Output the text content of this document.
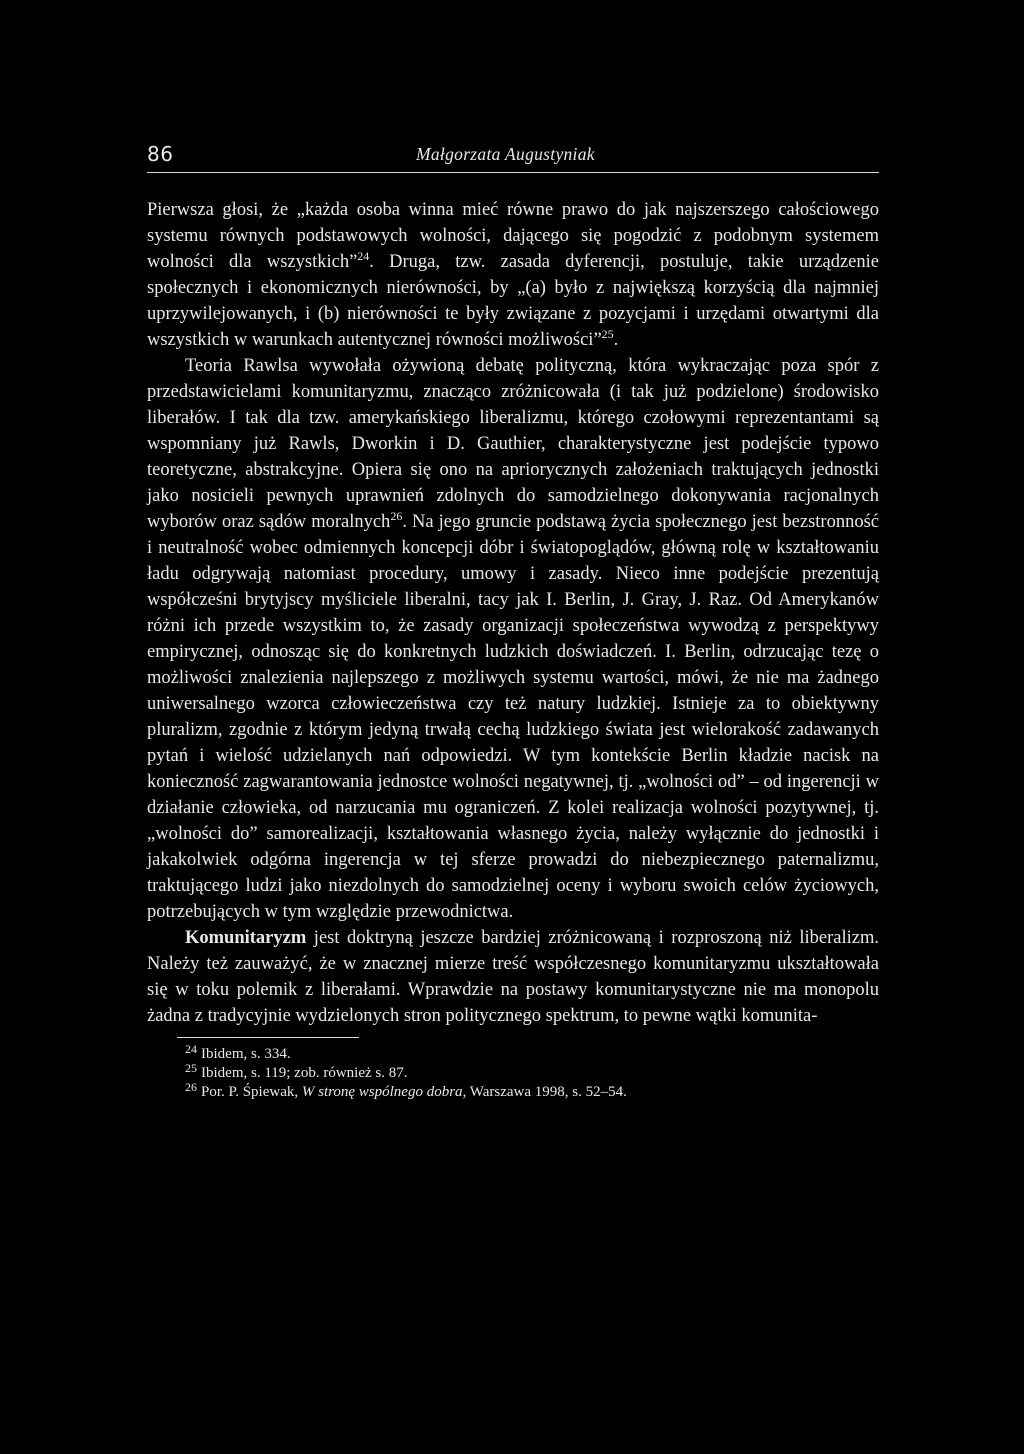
86	Małgorzata Augustyniak

Pierwsza głosi, że „każda osoba winna mieć równe prawo do jak najszerszego całościowego systemu równych podstawowych wolności, dającego się pogodzić z podobnym systemem wolności dla wszystkich”$^{24}$. Druga, tzw. zasada dyferencji, postuluje, takie urządzenie społecznych i ekonomicznych nierówności, by „(a) było z największą korzyścią dla najmniej uprzywilejowanych, i (b) nierówności te były związane z pozycjami i urzędami otwartymi dla wszystkich w warunkach autentycznej równości możliwości”$^{25}$.

Teoria Rawlsa wywołała ożywioną debatę polityczną, która wykraczając poza spór z przedstawicielami komunitaryzmu, znacząco zróżnicowała (i tak już podzielone) środowisko liberałów. I tak dla tzw. amerykańskiego liberalizmu, którego czołowymi reprezentantami są wspomniany już Rawls, Dworkin i D. Gauthier, charakterystyczne jest podejście typowo teoretyczne, abstrakcyjne. Opiera się ono na apriorycznych założeniach traktujących jednostki jako nosicieli pewnych uprawnień zdolnych do samodzielnego dokonywania racjonalnych wyborów oraz sądów moralnych$^{26}$. Na jego gruncie podstawą życia społecznego jest bezstronność i neutralność wobec odmiennych koncepcji dóbr i światopoglądów, główną rolę w kształtowaniu ładu odgrywają natomiast procedury, umowy i zasady. Nieco inne podejście prezentują współcześni brytyjscy myśliciele liberalni, tacy jak I. Berlin, J. Gray, J. Raz. Od Amerykanów różni ich przede wszystkim to, że zasady organizacji społeczeństwa wywodzą z perspektywy empirycznej, odnosząc się do konkretnych ludzkich doświadczeń. I. Berlin, odrzucając tezę o możliwości znalezienia najlepszego z możliwych systemu wartości, mówi, że nie ma żadnego uniwersalnego wzorca człowieczeństwa czy też natury ludzkiej. Istnieje za to obiektywny pluralizm, zgodnie z którym jedyną trwałą cechą ludzkiego świata jest wielorakość zadawanych pytań i wielość udzielanych nań odpowiedzi. W tym kontekście Berlin kładzie nacisk na konieczność zagwarantowania jednostce wolności negatywnej, tj. „wolności od” – od ingerencji w działanie człowieka, od narzucania mu ograniczeń. Z kolei realizacja wolności pozytywnej, tj. „wolności do” samorealizacji, kształtowania własnego życia, należy wyłącznie do jednostki i jakakolwiek odgórna ingerencja w tej sferze prowadzi do niebezpiecznego paternalizmu, traktującego ludzi jako niezdolnych do samodzielnej oceny i wyboru swoich celów życiowych, potrzebujących w tym względzie przewodnictwa.

Komunitaryzm jest doktryną jeszcze bardziej zróżnicowaną i rozproszoną niż liberalizm. Należy też zauważyć, że w znacznej mierze treść współczesnego komunitaryzmu ukształtowała się w toku polemik z liberałami. Wprawdzie na postawy komunitarystyczne nie ma monopolu żadna z tradycyjnie wydzielonych stron politycznego spektrum, to pewne wątki komunita-

$^{24}$ Ibidem, s. 334.
$^{25}$ Ibidem, s. 119; zob. również s. 87.
$^{26}$ Por. P. Śpiewak, W stronę wspólnego dobra, Warszawa 1998, s. 52–54.
